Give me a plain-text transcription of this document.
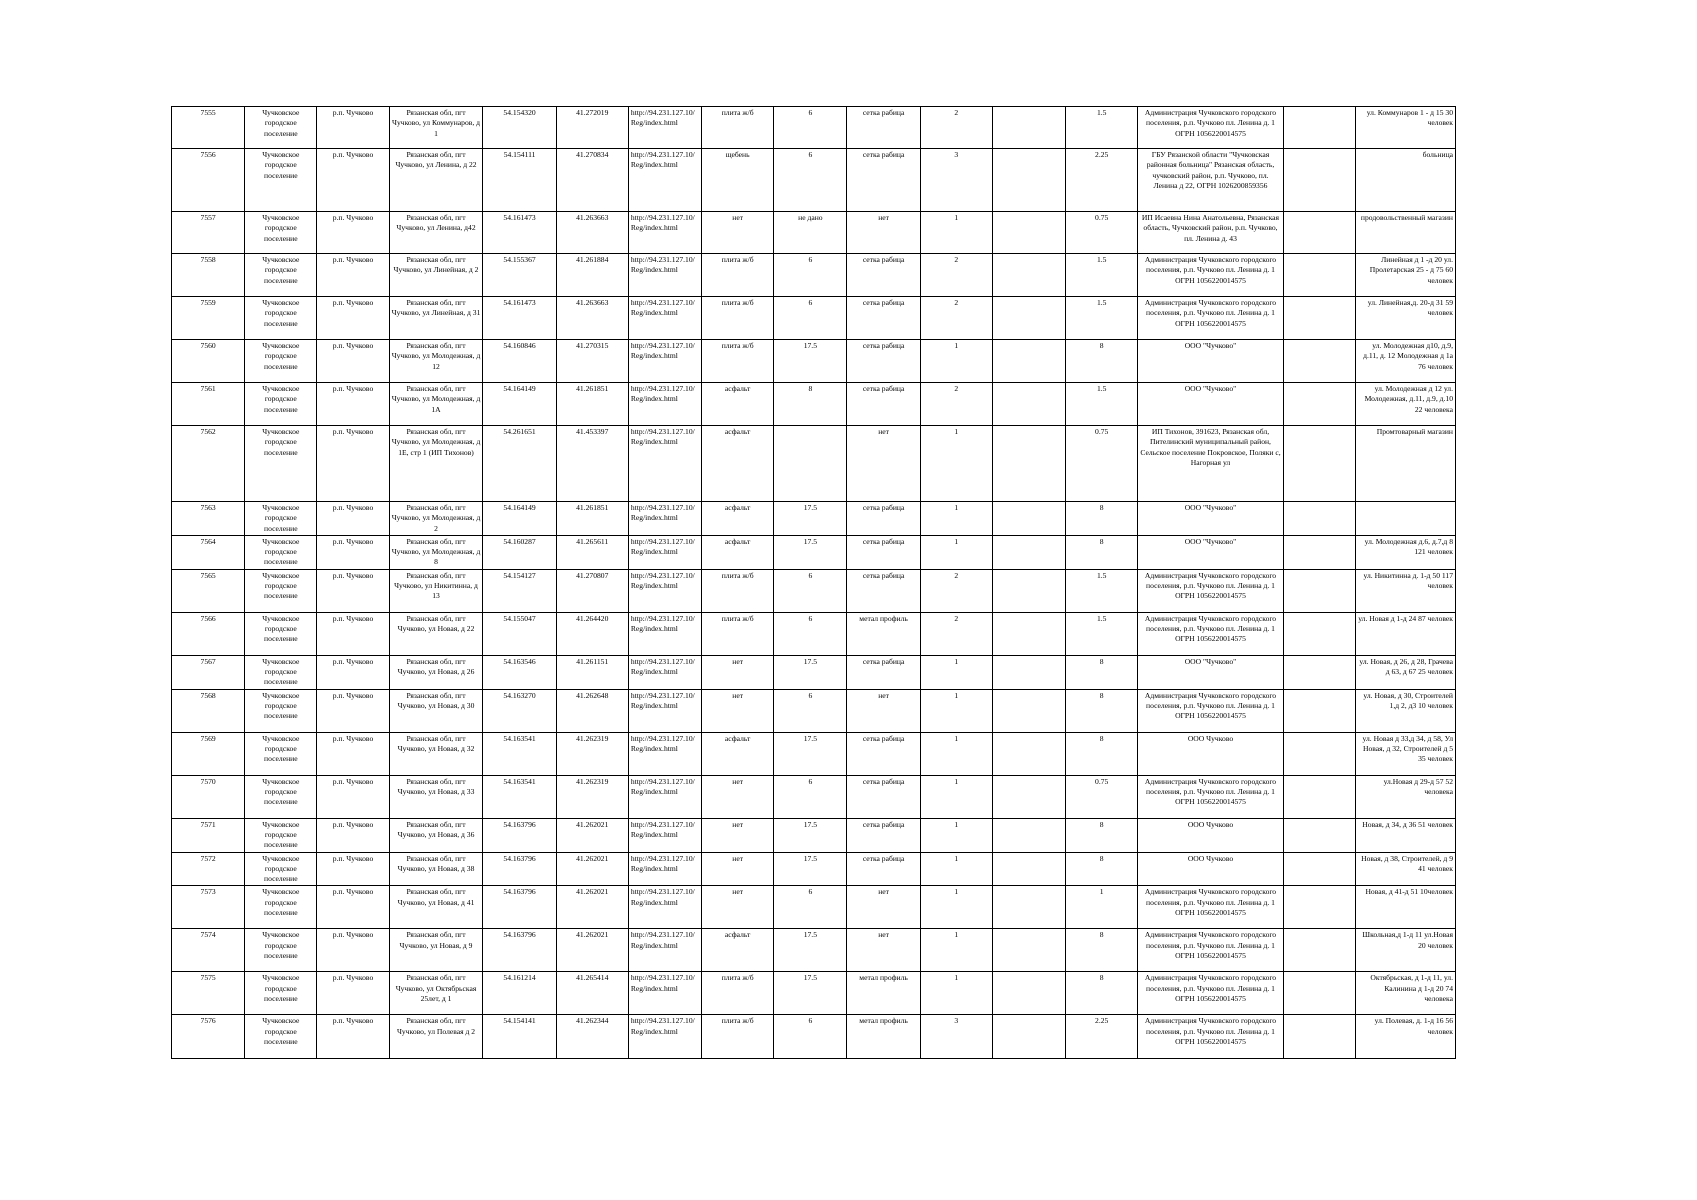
7555	Чучковское городское поселение	р.п. Чучково	Рязанская обл, пгт Чучково, ул Коммунаров, д 1	54.154320	41.272019	http://94.231.127.10/Reg/index.html	плита ж/б	6	сетка рабица	2		1.5	Администрация Чучковского городского поселения, р.п. Чучково пл. Ленина д. 1 ОГРН 1056220014575		ул. Коммунаров 1 - д 15 30 человек
7556	Чучковское городское поселение	р.п. Чучково	Рязанская обл, пгт Чучково, ул Ленина, д 22	54.154111	41.270834	http://94.231.127.10/Reg/index.html	щебень	6	сетка рабица	3		2.25	ГБУ Рязанской области "Чучковская районная больница" Рязанская область, чучковский район, р.п. Чучково, пл. Ленина д 22, ОГРН 1026200859356		больница
7557	Чучковское городское поселение	р.п. Чучково	Рязанская обл, пгт Чучково, ул Ленина, д42	54.161473	41.263663	http://94.231.127.10/Reg/index.html	нет	не дано	нет	1		0.75	ИП Исаевна Нина Анатольевна, Рязанская область, Чучковский район, р.п. Чучково, пл. Ленина д. 43		продовольственный магазин
7558	Чучковское городское поселение	р.п. Чучково	Рязанская обл, пгт Чучково, ул Линейная, д 2	54.155367	41.261884	http://94.231.127.10/Reg/index.html	плита ж/б	6	сетка рабица	2		1.5	Администрация Чучковского городского поселения, р.п. Чучково пл. Ленина д. 1 ОГРН 1056220014575		Линейная д 1 -д 20 ул. Пролетарская 25 - д 75 60 человек
7559	Чучковское городское поселение	р.п. Чучково	Рязанская обл, пгт Чучково, ул Линейная, д 31	54.161473	41.263663	http://94.231.127.10/Reg/index.html	плита ж/б	6	сетка рабица	2		1.5	Администрация Чучковского городского поселения, р.п. Чучково пл. Ленина д. 1 ОГРН 1056220014575		ул. Линейная,д. 20-д 31 59 человек
7560	Чучковское городское поселение	р.п. Чучково	Рязанская обл, пгт Чучково, ул Молодежная, д 12	54.160846	41.270315	http://94.231.127.10/Reg/index.html	плита ж/б	17.5	сетка рабица	1		8	ООО "Чучково"		ул. Молодежная д10, д.9, д.11, д. 12 Молодежная д 1а 76 человек
7561	Чучковское городское поселение	р.п. Чучково	Рязанская обл, пгт Чучково, ул Молодежная, д 1А	54.164149	41.261851	http://94.231.127.10/Reg/index.html	асфальт	8	сетка рабица	2		1.5	ООО "Чучково"		ул. Молодежная д 12 ул. Молодежная, д.11, д.9, д.10 22 человека
7562	Чучковское городское поселение	р.п. Чучково	Рязанская обл, пгт Чучково, ул Молодежная, д 1Е, стр 1 (ИП Тихонов)	54.261651	41.453397	http://94.231.127.10/Reg/index.html	асфальт		нет	1		0.75	ИП Тихонов, 391623, Рязанская обл, Пителинский муниципальный район, Сельское поселение Покровское, Поляки с, Нагорная ул		Промтоварный магазин
7563	Чучковское городское поселение	р.п. Чучково	Рязанская обл, пгт Чучково, ул Молодежная, д 2	54.164149	41.261851	http://94.231.127.10/Reg/index.html	асфальт	17.5	сетка рабица	1		8	ООО "Чучково"		
7564	Чучковское городское поселение	р.п. Чучково	Рязанская обл, пгт Чучково, ул Молодежная, д 8	54.160287	41.265611	http://94.231.127.10/Reg/index.html	асфальт	17.5	сетка рабица	1		8	ООО "Чучково"		ул. Молодежная д.6, д.7,д 8 121 человек
7565	Чучковское городское поселение	р.п. Чучково	Рязанская обл, пгт Чучково, ул Никитинна, д 13	54.154127	41.270807	http://94.231.127.10/Reg/index.html	плита ж/б	6	сетка рабица	2		1.5	Администрация Чучковского городского поселения, р.п. Чучково пл. Ленина д. 1 ОГРН 1056220014575		ул. Никитинна д. 1-д 50 117 человек
7566	Чучковское городское поселение	р.п. Чучково	Рязанская обл, пгт Чучково, ул Новая, д 22	54.155047	41.264420	http://94.231.127.10/Reg/index.html	плита ж/б	6	метал профиль	2		1.5	Администрация Чучковского городского поселения, р.п. Чучково пл. Ленина д. 1 ОГРН 1056220014575		ул. Новая д 1-д 24 87 человек
7567	Чучковское городское поселение	р.п. Чучково	Рязанская обл, пгт Чучково, ул Новая, д 26	54.163546	41.261151	http://94.231.127.10/Reg/index.html	нет	17.5	сетка рабица	1		8	ООО "Чучково"		ул. Новая, д 26, д 28, Грачева д 63, д 67 25 человек
7568	Чучковское городское поселение	р.п. Чучково	Рязанская обл, пгт Чучково, ул Новая, д 30	54.163270	41.262648	http://94.231.127.10/Reg/index.html	нет	6	нет	1		8	Администрация Чучковского городского поселения, р.п. Чучково пл. Ленина д. 1 ОГРН 1056220014575		ул. Новая, д 30, Строителей 1,д 2, д3 10 человек
7569	Чучковское городское поселение	р.п. Чучково	Рязанская обл, пгт Чучково, ул Новая, д 32	54.163541	41.262319	http://94.231.127.10/Reg/index.html	асфальт	17.5	сетка рабица	1		8	ООО Чучково		ул. Новая д 33,д 34, д 58, Ул Новая, д 32, Строителей д 5 35 человек
7570	Чучковское городское поселение	р.п. Чучково	Рязанская обл, пгт Чучково, ул Новая, д 33	54.163541	41.262319	http://94.231.127.10/Reg/index.html	нет	6	сетка рабица	1		0.75	Администрация Чучковского городского поселения, р.п. Чучково пл. Ленина д. 1 ОГРН 1056220014575		ул.Новая д 29-д 57 52 человека
7571	Чучковское городское поселение	р.п. Чучково	Рязанская обл, пгт Чучково, ул Новая, д 36	54.163796	41.262021	http://94.231.127.10/Reg/index.html	нет	17.5	сетка рабица	1		8	ООО Чучково		Новая, д 34, д 36 51 человек
7572	Чучковское городское поселение	р.п. Чучково	Рязанская обл, пгт Чучково, ул Новая, д 38	54.163796	41.262021	http://94.231.127.10/Reg/index.html	нет	17.5	сетка рабица	1		8	ООО Чучково		Новая, д 38, Строителей, д 9 41 человек
7573	Чучковское городское поселение	р.п. Чучково	Рязанская обл, пгт Чучково, ул Новая, д 41	54.163796	41.262021	http://94.231.127.10/Reg/index.html	нет	6	нет	1		1	Администрация Чучковского городского поселения, р.п. Чучково пл. Ленина д. 1 ОГРН 1056220014575		Новая, д 41-д 51 10человек
7574	Чучковское городское поселение	р.п. Чучково	Рязанская обл, пгт Чучково, ул Новая, д 9	54.163796	41.262021	http://94.231.127.10/Reg/index.html	асфальт	17.5	нет	1		8	Администрация Чучковского городского поселения, р.п. Чучково пл. Ленина д. 1 ОГРН 1056220014575		Школьная,д 1-д 11 ул.Новая 20 человек
7575	Чучковское городское поселение	р.п. Чучково	Рязанская обл, пгт Чучково, ул Октябрьская 25лет, д 1	54.161214	41.265414	http://94.231.127.10/Reg/index.html	плита ж/б	17.5	метал профиль	1		8	Администрация Чучковского городского поселения, р.п. Чучково пл. Ленина д. 1 ОГРН 1056220014575		Октябрьская, д 1-д 11, ул. Калинина д 1-д 20 74 человека
7576	Чучковское городское поселение	р.п. Чучково	Рязанская обл, пгт Чучково, ул Полевая д 2	54.154141	41.262344	http://94.231.127.10/Reg/index.html	плита ж/б	6	метал профиль	3		2.25	Администрация Чучковского городского поселения, р.п. Чучково пл. Ленина д. 1 ОГРН 1056220014575		ул. Полевая, д. 1-д 16 56 человек
